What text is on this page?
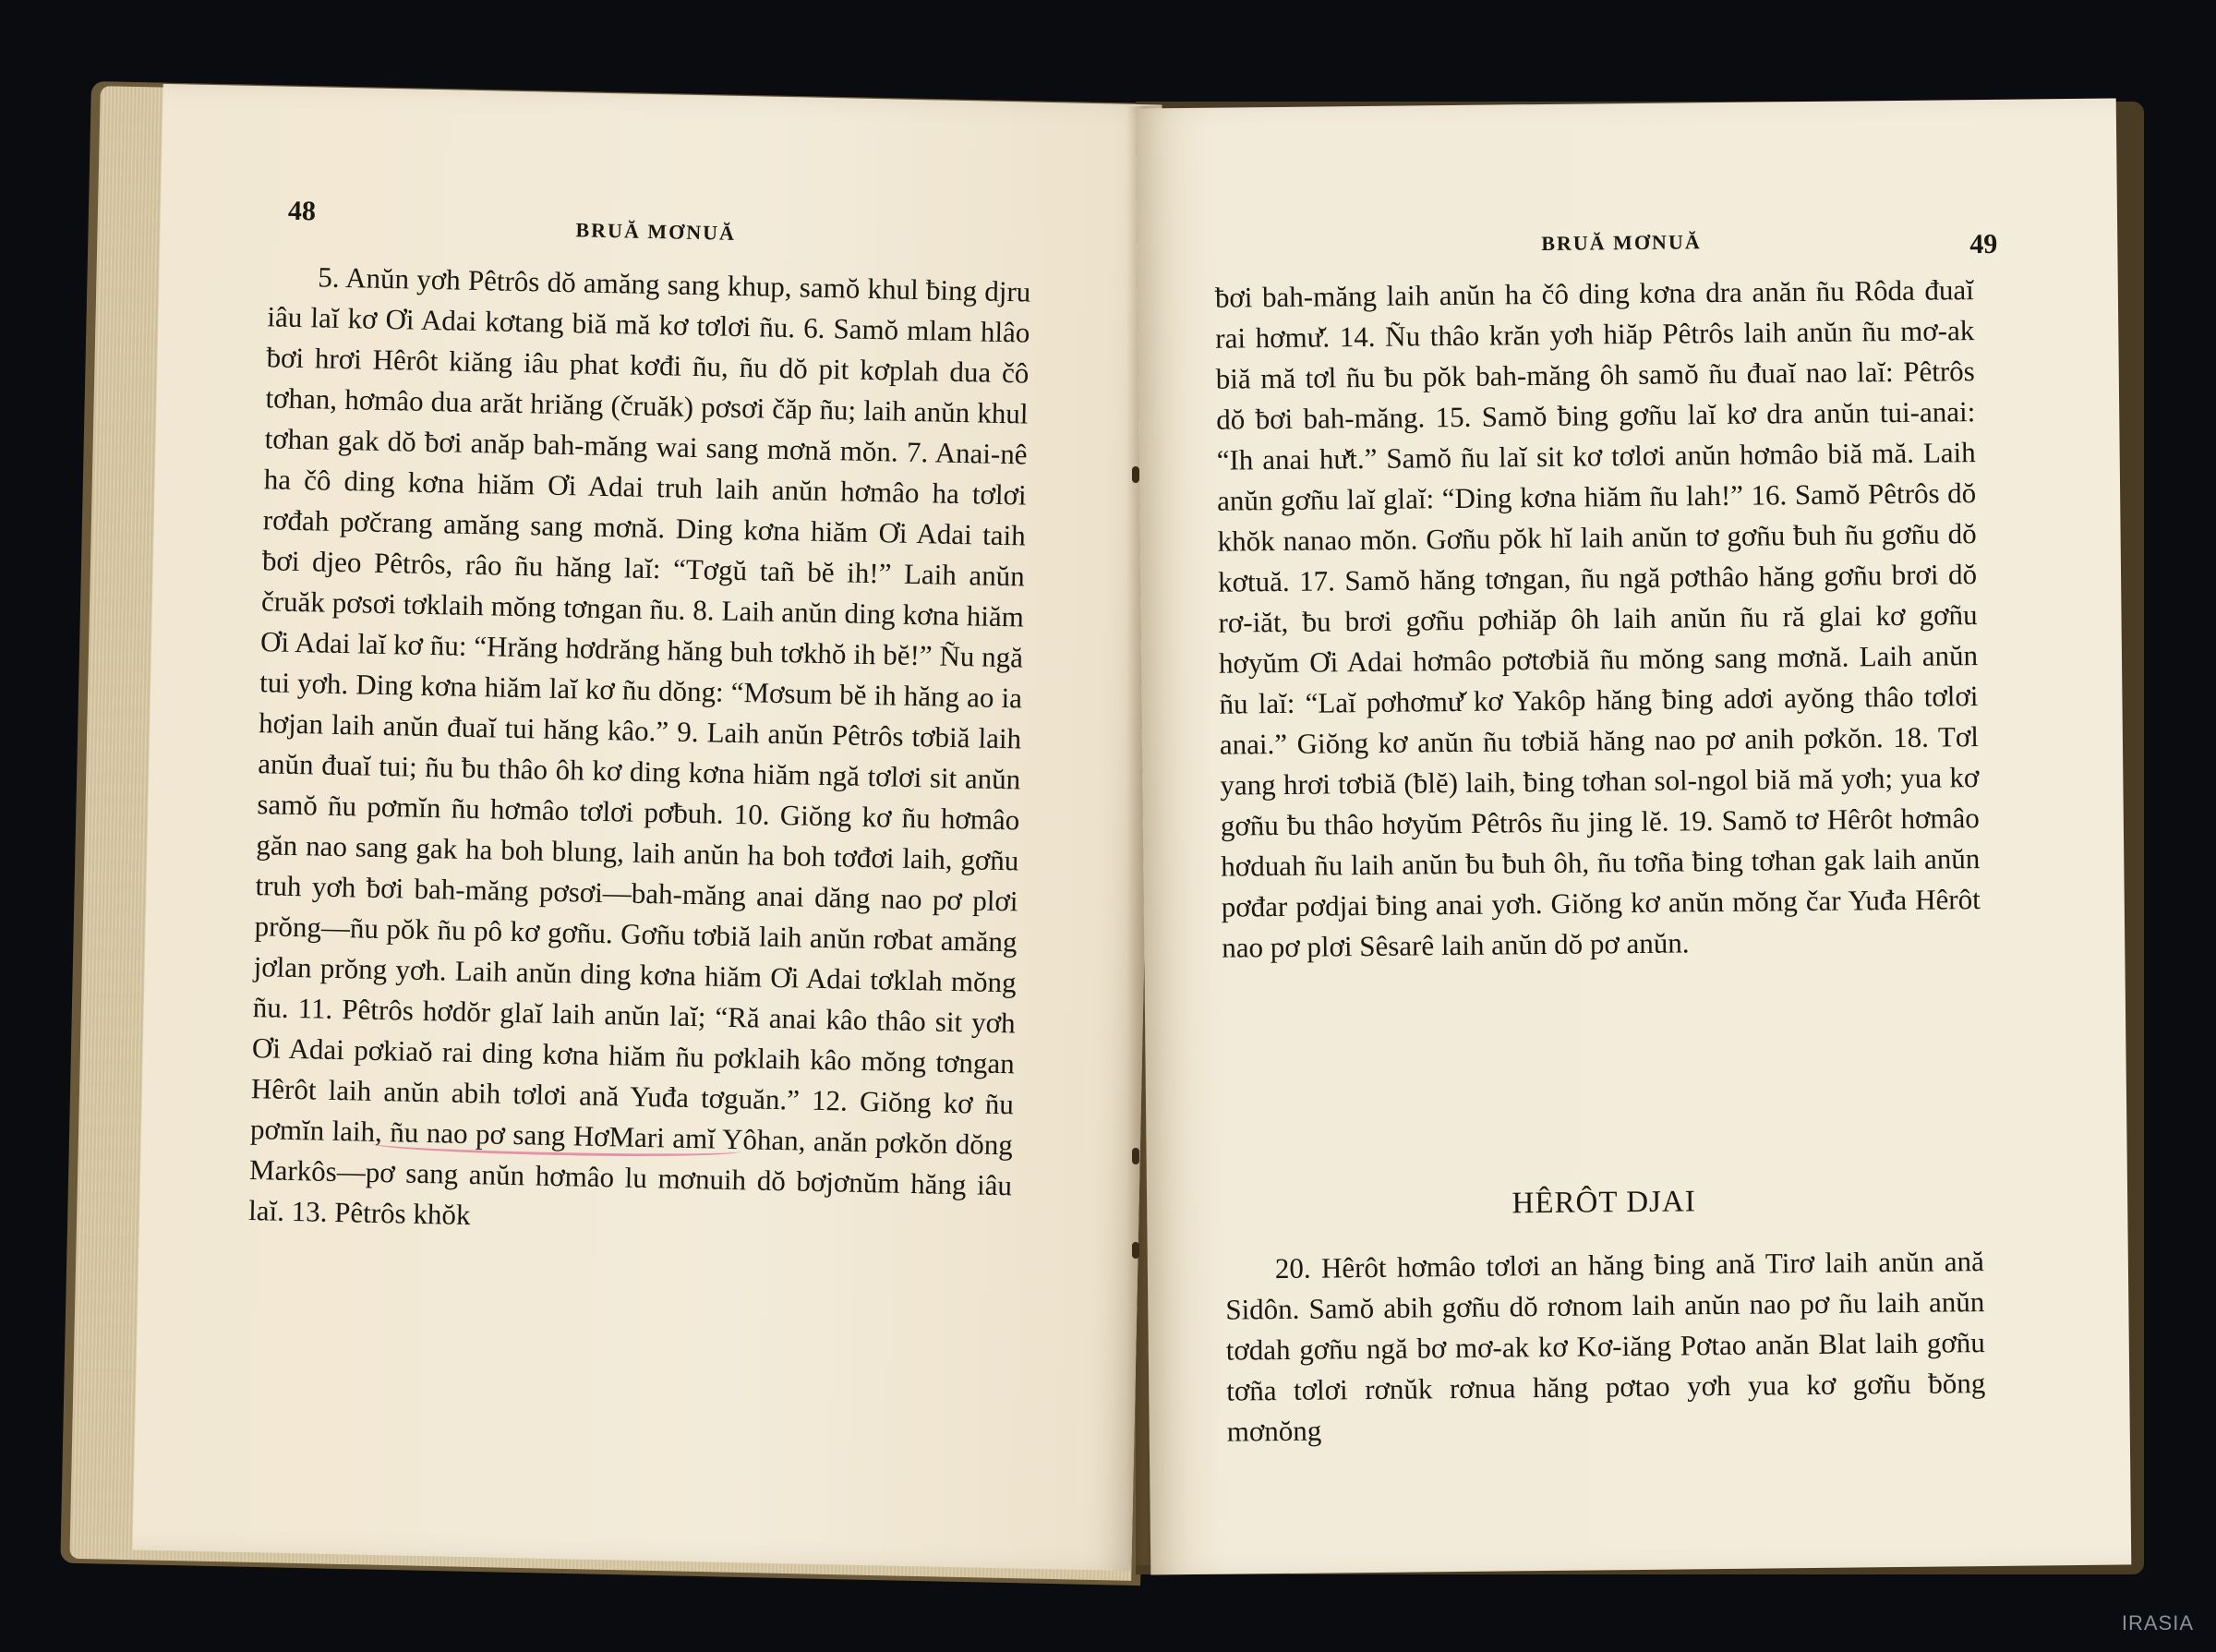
48
BRUĂ MƠNUĂ

5. Anŭn yơh Pêtrôs dŏ amăng sang khup, samŏ khul ƀing djru iâu laĭ kơ Ơi Adai kơtang biă mă kơ tơlơi ñu. 6. Samŏ mlam hlâo ƀơi hrơi Hêrôt kiăng iâu phat kơđi ñu, ñu dŏ pit kơplah dua čô tơhan, hơmâo dua arăt hriăng (čruăk) pơsơi čăp ñu; laih anŭn khul tơhan gak dŏ ƀơi anăp bah-măng wai sang mơnă mŏn. 7. Anai-nê ha čô ding kơna hiăm Ơi Adai truh laih anŭn hơmâo ha tơlơi rơđah pơčrang amăng sang mơnă. Ding kơna hiăm Ơi Adai taih ƀơi djeo Pêtrôs, râo ñu hăng laĭ: “Tơgŭ tañ bĕ ih!” Laih anŭn čruăk pơsơi tơklaih mŏng tơngan ñu. 8. Laih anŭn ding kơna hiăm Ơi Adai laĭ kơ ñu: “Hrăng hơdrăng hăng buh tơkhŏ ih bĕ!” Ñu ngă tui yơh. Ding kơna hiăm laĭ kơ ñu dŏng: “Mơsum bĕ ih hăng ao ia hơjan laih anŭn đuaĭ tui hăng kâo.” 9. Laih anŭn Pêtrôs tơbiă laih anŭn đuaĭ tui; ñu ƀu thâo ôh kơ ding kơna hiăm ngă tơlơi sit anŭn samŏ ñu pơmĭn ñu hơmâo tơlơi pơƀuh. 10. Giŏng kơ ñu hơmâo găn nao sang gak ha boh blung, laih anŭn ha boh tơđơi laih, gơñu truh yơh ƀơi bah-măng pơsơi—bah-măng anai dăng nao pơ plơi prŏng—ñu pŏk ñu pô kơ gơñu. Gơñu tơbiă laih anŭn rơbat amăng jơlan prŏng yơh. Laih anŭn ding kơna hiăm Ơi Adai tơklah mŏng ñu. 11. Pêtrôs hơdŏr glaĭ laih anŭn laĭ; “Ră anai kâo thâo sit yơh Ơi Adai pơkiaŏ rai ding kơna hiăm ñu pơklaih kâo mŏng tơngan Hêrôt laih anŭn abih tơlơi ană Yuđa tơguăn.” 12. Giŏng kơ ñu pơmĭn laih, ñu nao pơ sang HơMari amĭ Yôhan, anăn pơkŏn dŏng Markôs—pơ sang anŭn hơmâo lu mơnuih dŏ bơjơnŭm hăng iâu laĭ. 13. Pêtrôs khŏk

BRUĂ MƠNUĂ	49

ƀơi bah-măng laih anŭn ha čô ding kơna dra anăn ñu Rôda đuaĭ rai hơmư̆. 14. Ñu thâo krăn yơh hiăp Pêtrôs laih anŭn ñu mơ-ak biă mă tơl ñu ƀu pŏk bah-măng ôh samŏ ñu đuaĭ nao laĭ: Pêtrôs dŏ ƀơi bah-măng. 15. Samŏ ƀing gơñu laĭ kơ dra anŭn tui-anai: “Ih anai hư̆t.” Samŏ ñu laĭ sit kơ tơlơi anŭn hơmâo biă mă. Laih anŭn gơñu laĭ glaĭ: “Ding kơna hiăm ñu lah!” 16. Samŏ Pêtrôs dŏ khŏk nanao mŏn. Gơñu pŏk hĭ laih anŭn tơ gơñu ƀuh ñu gơñu dŏ kơtuă. 17. Samŏ hăng tơngan, ñu ngă pơthâo hăng gơñu brơi dŏ rơ-iăt, ƀu brơi gơñu pơhiăp ôh laih anŭn ñu ră glai kơ gơñu hơyŭm Ơi Adai hơmâo pơtơbiă ñu mŏng sang mơnă. Laih anŭn ñu laĭ: “Laĭ pơhơmư̆ kơ Yakôp hăng ƀing adơi ayŏng thâo tơlơi anai.” Giŏng kơ anŭn ñu tơbiă hăng nao pơ anih pơkŏn. 18. Tơl yang hrơi tơbiă (ƀlĕ) laih, ƀing tơhan sol-ngol biă mă yơh; yua kơ gơñu ƀu thâo hơyŭm Pêtrôs ñu jing lĕ. 19. Samŏ tơ Hêrôt hơmâo hơduah ñu laih anŭn ƀu ƀuh ôh, ñu tơña ƀing tơhan gak laih anŭn pơđar pơdjai ƀing anai yơh. Giŏng kơ anŭn mŏng čar Yuđa Hêrôt nao pơ plơi Sêsarê laih anŭn dŏ pơ anŭn.

HÊRÔT DJAI

20. Hêrôt hơmâo tơlơi an hăng ƀing ană Tirơ laih anŭn ană Sidôn. Samŏ abih gơñu dŏ rơnom laih anŭn nao pơ ñu laih anŭn tơdah gơñu ngă bơ mơ-ak kơ Kơ-iăng Pơtao anăn Blat laih gơñu tơña tơlơi rơnŭk rơnua hăng pơtao yơh yua kơ gơñu ƀŏng mơnŏng

IRASIA
